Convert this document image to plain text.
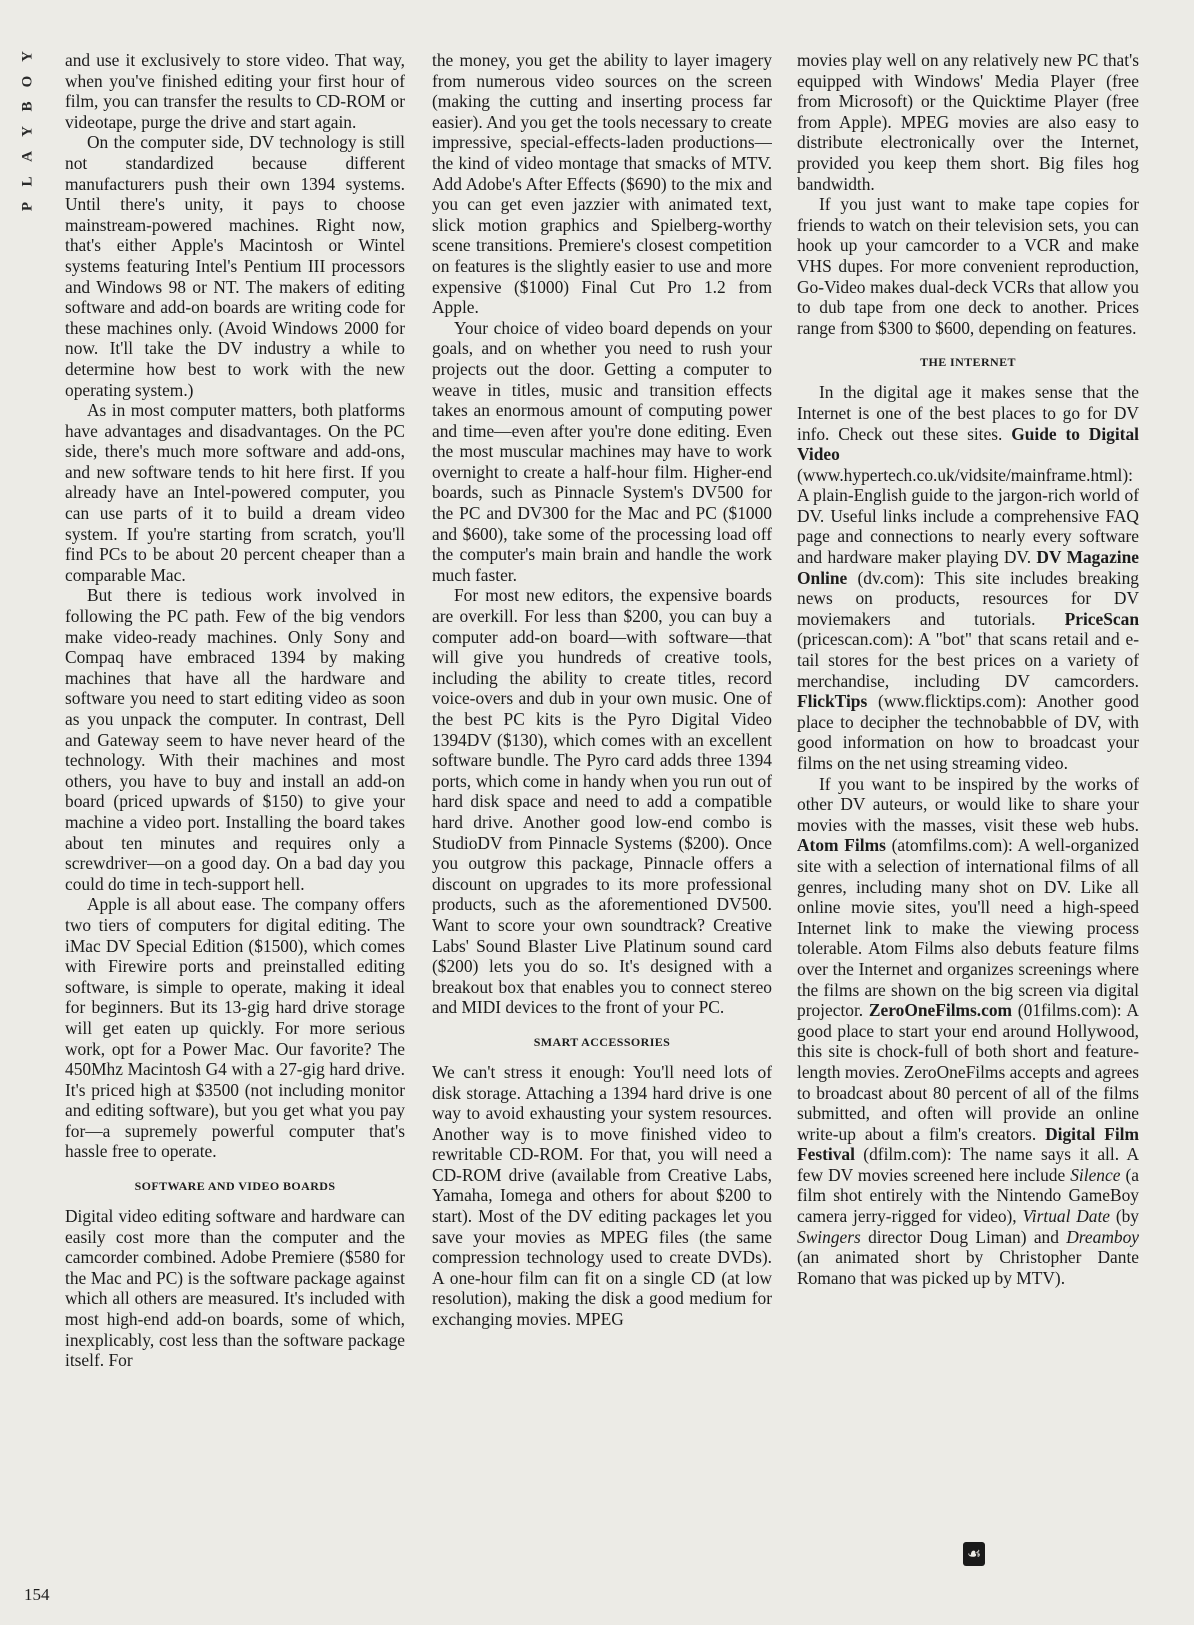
Y
O
B
Y
A
L
P

and use it exclusively to store video. That way, when you've finished editing your first hour of film, you can transfer the results to CD-ROM or videotape, purge the drive and start again.

On the computer side, DV technology is still not standardized because different manufacturers push their own 1394 systems. Until there's unity, it pays to choose mainstream-powered machines. Right now, that's either Apple's Macintosh or Wintel systems featuring Intel's Pentium III processors and Windows 98 or NT. The makers of editing software and add-on boards are writing code for these machines only. (Avoid Windows 2000 for now. It'll take the DV industry a while to determine how best to work with the new operating system.)

As in most computer matters, both platforms have advantages and disadvantages. On the PC side, there's much more software and add-ons, and new software tends to hit here first. If you already have an Intel-powered computer, you can use parts of it to build a dream video system. If you're starting from scratch, you'll find PCs to be about 20 percent cheaper than a comparable Mac.

But there is tedious work involved in following the PC path. Few of the big vendors make video-ready machines. Only Sony and Compaq have embraced 1394 by making machines that have all the hardware and software you need to start editing video as soon as you unpack the computer. In contrast, Dell and Gateway seem to have never heard of the technology. With their machines and most others, you have to buy and install an add-on board (priced upwards of $150) to give your machine a video port. Installing the board takes about ten minutes and requires only a screwdriver—on a good day. On a bad day you could do time in tech-support hell.

Apple is all about ease. The company offers two tiers of computers for digital editing. The iMac DV Special Edition ($1500), which comes with Firewire ports and preinstalled editing software, is simple to operate, making it ideal for beginners. But its 13-gig hard drive storage will get eaten up quickly. For more serious work, opt for a Power Mac. Our favorite? The 450Mhz Macintosh G4 with a 27-gig hard drive. It's priced high at $3500 (not including monitor and editing software), but you get what you pay for—a supremely powerful computer that's hassle free to operate.

SOFTWARE AND VIDEO BOARDS

Digital video editing software and hardware can easily cost more than the computer and the camcorder combined. Adobe Premiere ($580 for the Mac and PC) is the software package against which all others are measured. It's included with most high-end add-on boards, some of which, inexplicably, cost less than the software package itself. For

the money, you get the ability to layer imagery from numerous video sources on the screen (making the cutting and inserting process far easier). And you get the tools necessary to create impressive, special-effects-laden productions—the kind of video montage that smacks of MTV. Add Adobe's After Effects ($690) to the mix and you can get even jazzier with animated text, slick motion graphics and Spielberg-worthy scene transitions. Premiere's closest competition on features is the slightly easier to use and more expensive ($1000) Final Cut Pro 1.2 from Apple.

Your choice of video board depends on your goals, and on whether you need to rush your projects out the door. Getting a computer to weave in titles, music and transition effects takes an enormous amount of computing power and time—even after you're done editing. Even the most muscular machines may have to work overnight to create a half-hour film. Higher-end boards, such as Pinnacle System's DV500 for the PC and DV300 for the Mac and PC ($1000 and $600), take some of the processing load off the computer's main brain and handle the work much faster.

For most new editors, the expensive boards are overkill. For less than $200, you can buy a computer add-on board—with software—that will give you hundreds of creative tools, including the ability to create titles, record voice-overs and dub in your own music. One of the best PC kits is the Pyro Digital Video 1394DV ($130), which comes with an excellent software bundle. The Pyro card adds three 1394 ports, which come in handy when you run out of hard disk space and need to add a compatible hard drive. Another good low-end combo is StudioDV from Pinnacle Systems ($200). Once you outgrow this package, Pinnacle offers a discount on upgrades to its more professional products, such as the aforementioned DV500. Want to score your own soundtrack? Creative Labs' Sound Blaster Live Platinum sound card ($200) lets you do so. It's designed with a breakout box that enables you to connect stereo and MIDI devices to the front of your PC.

SMART ACCESSORIES

We can't stress it enough: You'll need lots of disk storage. Attaching a 1394 hard drive is one way to avoid exhausting your system resources. Another way is to move finished video to rewritable CD-ROM. For that, you will need a CD-ROM drive (available from Creative Labs, Yamaha, Iomega and others for about $200 to start). Most of the DV editing packages let you save your movies as MPEG files (the same compression technology used to create DVDs). A one-hour film can fit on a single CD (at low resolution), making the disk a good medium for exchanging movies. MPEG

movies play well on any relatively new PC that's equipped with Windows' Media Player (free from Microsoft) or the Quicktime Player (free from Apple). MPEG movies are also easy to distribute electronically over the Internet, provided you keep them short. Big files hog bandwidth.

If you just want to make tape copies for friends to watch on their television sets, you can hook up your camcorder to a VCR and make VHS dupes. For more convenient reproduction, Go-Video makes dual-deck VCRs that allow you to dub tape from one deck to another. Prices range from $300 to $600, depending on features.

THE INTERNET

In the digital age it makes sense that the Internet is one of the best places to go for DV info. Check out these sites. Guide to Digital Video (www.hypertech.co.uk/vidsite/mainframe.html): A plain-English guide to the jargon-rich world of DV. Useful links include a comprehensive FAQ page and connections to nearly every software and hardware maker playing DV. DV Magazine Online (dv.com): This site includes breaking news on products, resources for DV moviemakers and tutorials. PriceScan (pricescan.com): A "bot" that scans retail and e-tail stores for the best prices on a variety of merchandise, including DV camcorders. FlickTips (www.flicktips.com): Another good place to decipher the technobabble of DV, with good information on how to broadcast your films on the net using streaming video.

If you want to be inspired by the works of other DV auteurs, or would like to share your movies with the masses, visit these web hubs. Atom Films (atomfilms.com): A well-organized site with a selection of international films of all genres, including many shot on DV. Like all online movie sites, you'll need a high-speed Internet link to make the viewing process tolerable. Atom Films also debuts feature films over the Internet and organizes screenings where the films are shown on the big screen via digital projector. ZeroOneFilms.com (01films.com): A good place to start your end around Hollywood, this site is chock-full of both short and feature-length movies. ZeroOneFilms accepts and agrees to broadcast about 80 percent of all of the films submitted, and often will provide an online write-up about a film's creators. Digital Film Festival (dfilm.com): The name says it all. A few DV movies screened here include Silence (a film shot entirely with the Nintendo GameBoy camera jerry-rigged for video), Virtual Date (by Swingers director Doug Liman) and Dreamboy (an animated short by Christopher Dante Romano that was picked up by MTV).

154
☙
